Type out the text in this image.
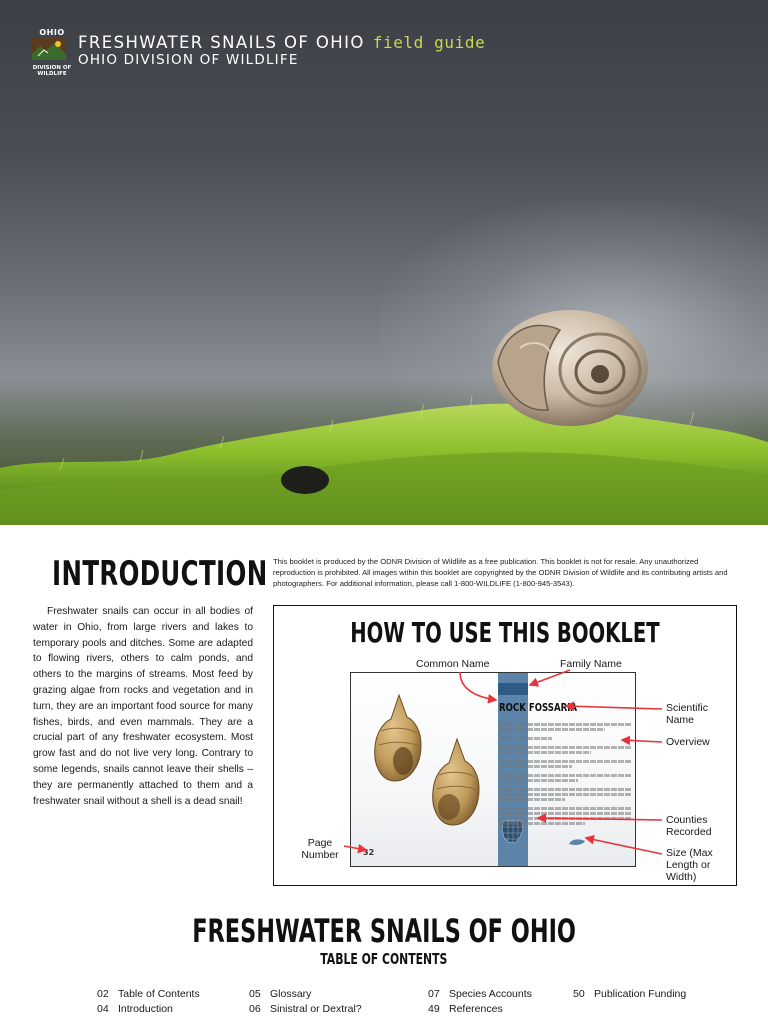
OHIO
DIVISION OF WILDLIFE
FRESHWATER SNAILS OF OHIO field guide
OHIO DIVISION OF WILDLIFE
INTRODUCTION

Freshwater snails can occur in all bodies of water in Ohio, from large rivers and lakes to temporary pools and ditches. Some are adapted to flowing rivers, others to calm ponds, and others to the margins of streams. Most feed by grazing algae from rocks and vegetation and in turn, they are an important food source for many fishes, birds, and even mammals. They are a crucial part of any freshwater ecosystem. Most grow fast and do not live very long. Contrary to some legends, snails cannot leave their shells – they are permanently attached to them and a freshwater snail without a shell is a dead snail!

This booklet is produced by the ODNR Division of Wildlife as a free publication. This booklet is not for resale. Any unauthorized reproduction is prohibited. All images within this booklet are copyrighted by the ODNR Division of Wildlife and its contributing artists and photographers. For additional information, please call 1-800-WILDLIFE (1-800-945-3543).

HOW TO USE THIS BOOKLET
Common Name	Family Name
Scientific Name
Overview
Counties Recorded
Size (Max Length or Width)
Page Number
ROCK FOSSARIA
32
FRESHWATER SNAILS OF OHIO
TABLE OF CONTENTS
02 Table of Contents
04 Introduction
05 Glossary
06 Sinistral or Dextral?
07 Species Accounts
49 References
50 Publication Funding
